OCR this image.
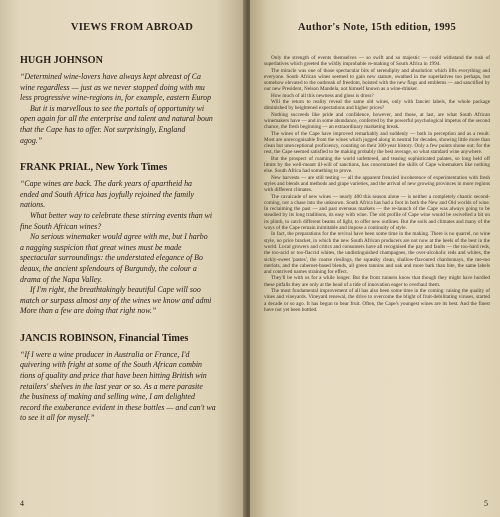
VIEWS FROM ABROAD
HUGH JOHNSON

“Determined wine-lovers have always kept abreast of Ca

wine regardless — just as we never stopped doing with mu

less progressive wine-regions in, for example, eastern Europ

But it is marvellous to see the portals of opportunity wi

open again for all the enterprise and talent and natural boun

that the Cape has to offer. Not surprisingly, England

agog.”

FRANK PRIAL, New York Times

“Cape wines are back. The dark years of apartheid ha

ended and South Africa has joyfully rejoined the family

nations.

What better way to celebrate these stirring events than wi

fine South African wines?

No serious winemaker would agree with me, but I harbo

a nagging suspicion that great wines must be made

spectacular surroundings: the understated elegance of Bo

deaux, the ancient splendours of Burgundy, the colour a

drama of the Napa Valley.

If I'm right, the breathtakingly beautiful Cape will soo

match or surpass almost any of the wines we know and admi

More than a few are doing that right now.”

JANCIS ROBINSON, Financial Times

“If I were a wine producer in Australia or France, I'd

quivering with fright at some of the South African combin

tions of quality and price that have been hitting British win

retailers' shelves in the last year or so. As a mere parasite

the business of making and selling wine, I am delighted

record the exuberance evident in these bottles — and can't wa

to see it all for myself.”

4
Author's Note, 15th edition, 1995

Only the strength of events themselves — so swift and so majestic — could withstand the rush of superlatives which greeted the wildly improbable re-making of South Africa in 1994.

The miracle was one of those spectacular bits of serendipity and absolution which lifts everything and everyone. South African wines seemed to gain new stature, swathed in the superlatives too perhaps, but somehow elevated to the outbreak of freedom, hoisted with the new flags and emblems — and sanctified by our new President, Nelson Mandela, not himself known as a wine-drinker.

How much of all this newness and gloss is dross?

Will the return to reality reveal the same old wines, only with fancier labels, the whole package diminished by heightened expectations and higher prices?

Nothing succeeds like pride and confidence, however, and those, at last, are what South African winemakers have — and in some abundance, conferred by the powerful psychological impetus of the second chance, the fresh beginning — an extraordinary marketing break.

The wines of the Cape have improved remarkably and suddenly — both in perception and as a result. Most are unrecognisable from the wines which jogged along in neutral for decades, showing little more than clean but unexceptional proficiency, counting on their 300-year history. Only a few points shone out; for the rest, the Cape seemed satisfied to be making probably the best average, so what standard wine anywhere.

But the prospect of roaming the world unfettered, and teasing sophisticated palates, so long held off limits by the well-meant ill-will of sanctions, has concentrated the skills of Cape winemakers like nothing else. South Africa had something to prove.

New harvests — are still testing — all the apparent frenzied incoherence of experimentation with fresh styles and blends and methods and grape varieties, and the arrival of new growing provinces in more regions with different climates.

The cavalcade of new wines — nearly 400 this season alone — is neither a completely chaotic second-coming, nor a chase into the unknown. South Africa has had a foot in both the New and Old worlds of wine. In reclaiming the past — and past overseas markets — the re-launch of the Cape was always going to be steadied by its long traditions, its easy with wine. The old profile of Cape wine would be swivelled a bit on its plinth, to catch different beams of light, to offer new outlines. But the soils and climates and many of the ways of the Cape remain inimitable and impose a continuity of style.

In fact, the preparations for the revival have been some time in the making. There is no quarrel, no wine style, no price bracket, in which the new South African producers are not now at the heels of the best in the world. Local growers and critics and consumers have all recognised the pay and faults — the too-hard reds, the too-acid or too-flaccid whites, the undistinguished champagnes, the over-alcoholic reds and whites, the sickly-sweet 'pastes', the coarse rieslings, the squeaky clean, shallow-flavoured chardonnays, the me-too merlots, and the cabernet-based blends, all green tannins and oak and more bark than bite, the same labels and contrived names straining for effect.

They'll be with us for a while longer. But the front runners know that though they might have hurdled these pitfalls they are only at the head of a tide of innovation eager to overhaul them.

The most fundamental improvement of all has also been some time in the coming: raising the quality of vines and vineyards. Vineyard renewal, the drive to overcome the blight of fruit-debilitating viruses, started a decade or so ago. It has begun to bear fruit. Often, the Cape's youngest wines are its best. And the finest have not yet been bottled.

5
